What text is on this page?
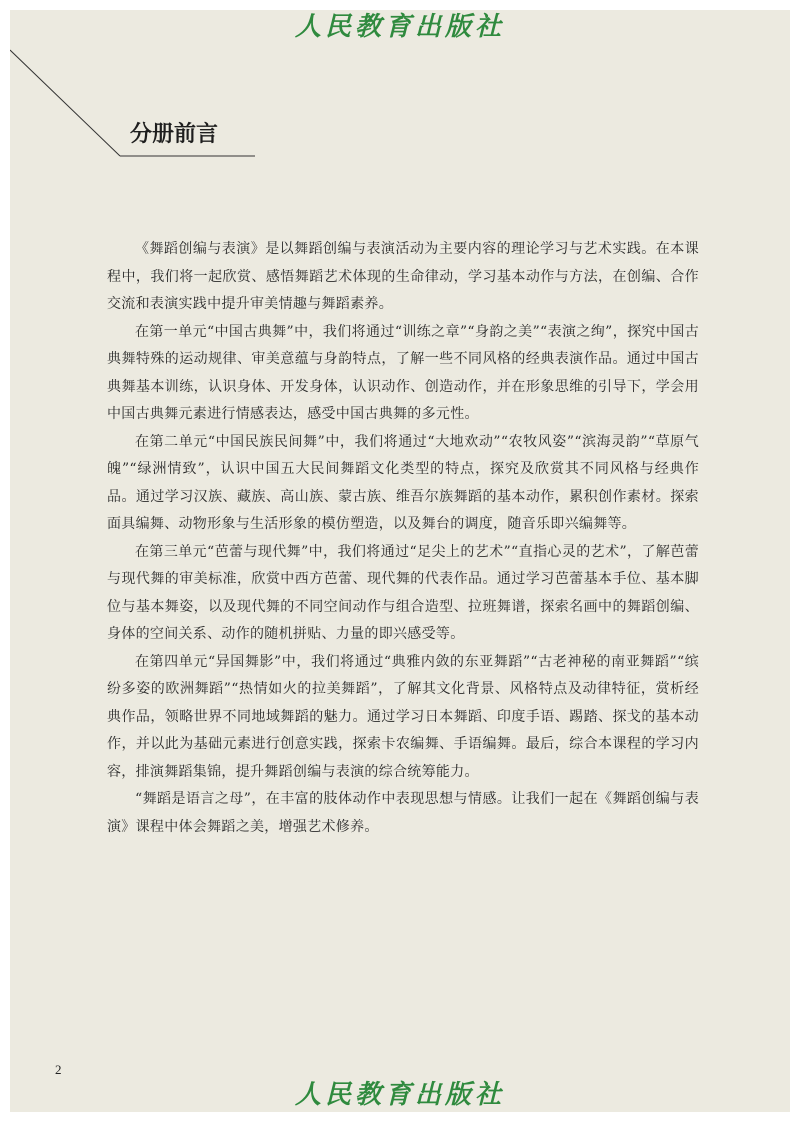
人民教育出版社
分册前言

《舞蹈创编与表演》是以舞蹈创编与表演活动为主要内容的理论学习与艺术实践。在本课程中，我们将一起欣赏、感悟舞蹈艺术体现的生命律动，学习基本动作与方法，在创编、合作交流和表演实践中提升审美情趣与舞蹈素养。

在第一单元“中国古典舞”中，我们将通过“训练之章”“身韵之美”“表演之绚”，探究中国古典舞特殊的运动规律、审美意蕴与身韵特点，了解一些不同风格的经典表演作品。通过中国古典舞基本训练，认识身体、开发身体，认识动作、创造动作，并在形象思维的引导下，学会用中国古典舞元素进行情感表达，感受中国古典舞的多元性。

在第二单元“中国民族民间舞”中，我们将通过“大地欢动”“农牧风姿”“滨海灵韵”“草原气魄”“绿洲情致”，认识中国五大民间舞蹈文化类型的特点，探究及欣赏其不同风格与经典作品。通过学习汉族、藏族、高山族、蒙古族、维吾尔族舞蹈的基本动作，累积创作素材。探索面具编舞、动物形象与生活形象的模仿塑造，以及舞台的调度，随音乐即兴编舞等。

在第三单元“芭蕾与现代舞”中，我们将通过“足尖上的艺术”“直指心灵的艺术”，了解芭蕾与现代舞的审美标准，欣赏中西方芭蕾、现代舞的代表作品。通过学习芭蕾基本手位、基本脚位与基本舞姿，以及现代舞的不同空间动作与组合造型、拉班舞谱，探索名画中的舞蹈创编、身体的空间关系、动作的随机拼贴、力量的即兴感受等。

在第四单元“异国舞影”中，我们将通过“典雅内敛的东亚舞蹈”“古老神秘的南亚舞蹈”“缤纷多姿的欧洲舞蹈”“热情如火的拉美舞蹈”，了解其文化背景、风格特点及动律特征，赏析经典作品，领略世界不同地域舞蹈的魅力。通过学习日本舞蹈、印度手语、踢踏、探戈的基本动作，并以此为基础元素进行创意实践，探索卡农编舞、手语编舞。最后，综合本课程的学习内容，排演舞蹈集锦，提升舞蹈创编与表演的综合统筹能力。

“舞蹈是语言之母”，在丰富的肢体动作中表现思想与情感。让我们一起在《舞蹈创编与表演》课程中体会舞蹈之美，增强艺术修养。

2
人民教育出版社
